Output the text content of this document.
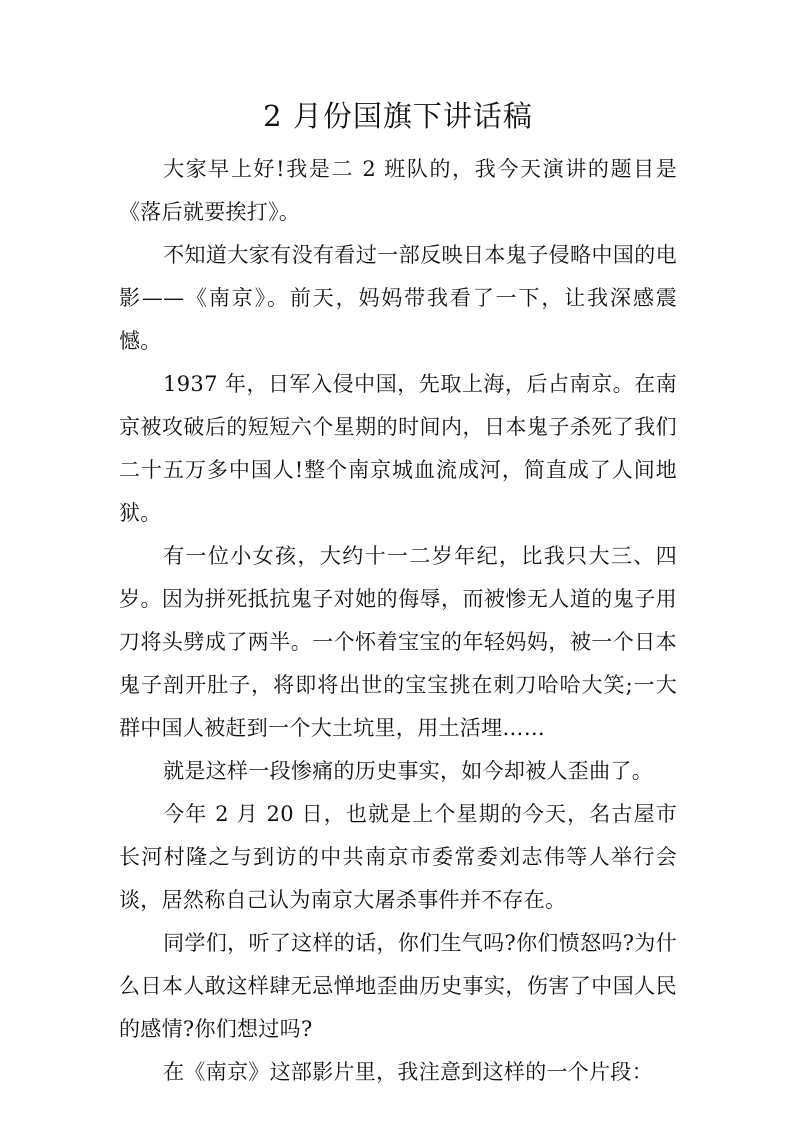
2 月份国旗下讲话稿

大家早上好!我是二 2 班队的，我今天演讲的题目是《落后就要挨打》。

不知道大家有没有看过一部反映日本鬼子侵略中国的电影——《南京》。前天，妈妈带我看了一下，让我深感震憾。

1937 年，日军入侵中国，先取上海，后占南京。在南京被攻破后的短短六个星期的时间内，日本鬼子杀死了我们二十五万多中国人!整个南京城血流成河，简直成了人间地狱。

有一位小女孩，大约十一二岁年纪，比我只大三、四岁。因为拼死抵抗鬼子对她的侮辱，而被惨无人道的鬼子用刀将头劈成了两半。一个怀着宝宝的年轻妈妈，被一个日本鬼子剖开肚子，将即将出世的宝宝挑在刺刀哈哈大笑;一大群中国人被赶到一个大土坑里，用土活埋……

就是这样一段惨痛的历史事实，如今却被人歪曲了。

今年 2 月 20 日，也就是上个星期的今天，名古屋市长河村隆之与到访的中共南京市委常委刘志伟等人举行会谈，居然称自己认为南京大屠杀事件并不存在。

同学们，听了这样的话，你们生气吗?你们愤怒吗?为什么日本人敢这样肆无忌惮地歪曲历史事实，伤害了中国人民的感情?你们想过吗?

在《南京》这部影片里，我注意到这样的一个片段：
